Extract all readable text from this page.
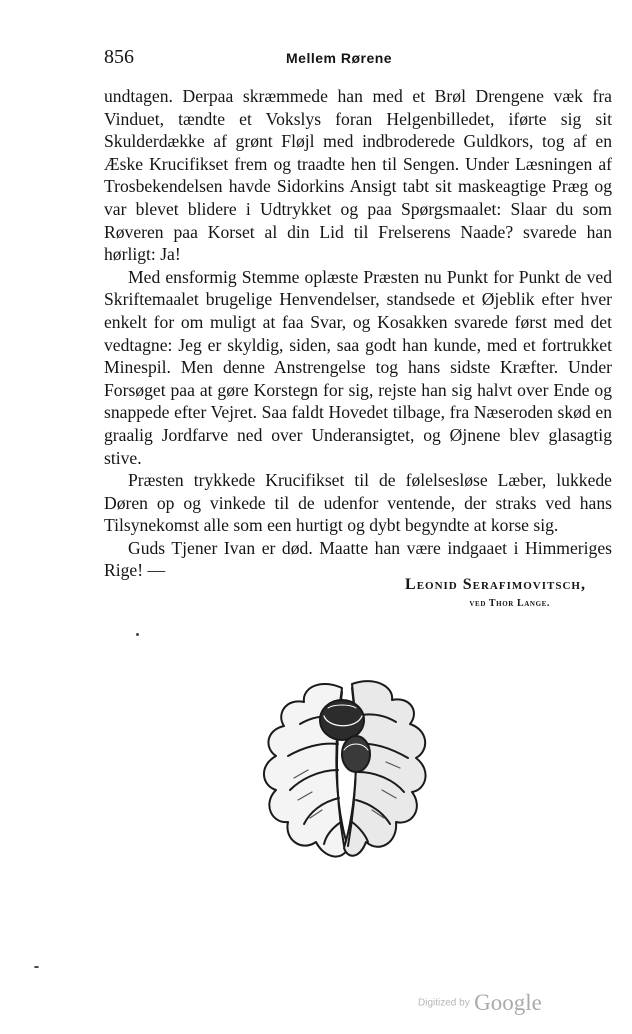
856	Mellem Rørene

undtagen. Derpaa skræmmede han med et Brøl Drengene væk fra Vinduet, tændte et Vokslys foran Helgenbilledet, iførte sig sit Skulderdække af grønt Fløjl med indbroderede Guldkors, tog af en Æske Krucifikset frem og traadte hen til Sengen. Under Læsningen af Trosbekendelsen havde Sidorkins Ansigt tabt sit maskeagtige Præg og var blevet blidere i Udtrykket og paa Spørgsmaalet: Slaar du som Røveren paa Korset al din Lid til Frelserens Naade? svarede han hørligt: Ja!

Med ensformig Stemme oplæste Præsten nu Punkt for Punkt de ved Skriftemaalet brugelige Henvendelser, standsede et Øjeblik efter hver enkelt for om muligt at faa Svar, og Kosakken svarede først med det vedtagne: Jeg er skyldig, siden, saa godt han kunde, med et fortrukket Minespil. Men denne Anstrengelse tog hans sidste Kræfter. Under Forsøget paa at gøre Korstegn for sig, rejste han sig halvt over Ende og snappede efter Vejret. Saa faldt Hovedet tilbage, fra Næseroden skød en graalig Jordfarve ned over Underansigtet, og Øjnene blev glasagtig stive.

Præsten trykkede Krucifikset til de følelsesløse Læber, lukkede Døren op og vinkede til de udenfor ventende, der straks ved hans Tilsynekomst alle som een hurtigt og dybt begyndte at korse sig.

Guds Tjener Ivan er død. Maatte han være indgaaet i Himmeriges Rige! —

Leonid Serafimovitsch,
ved Thor Lange.
Digitized by Google
